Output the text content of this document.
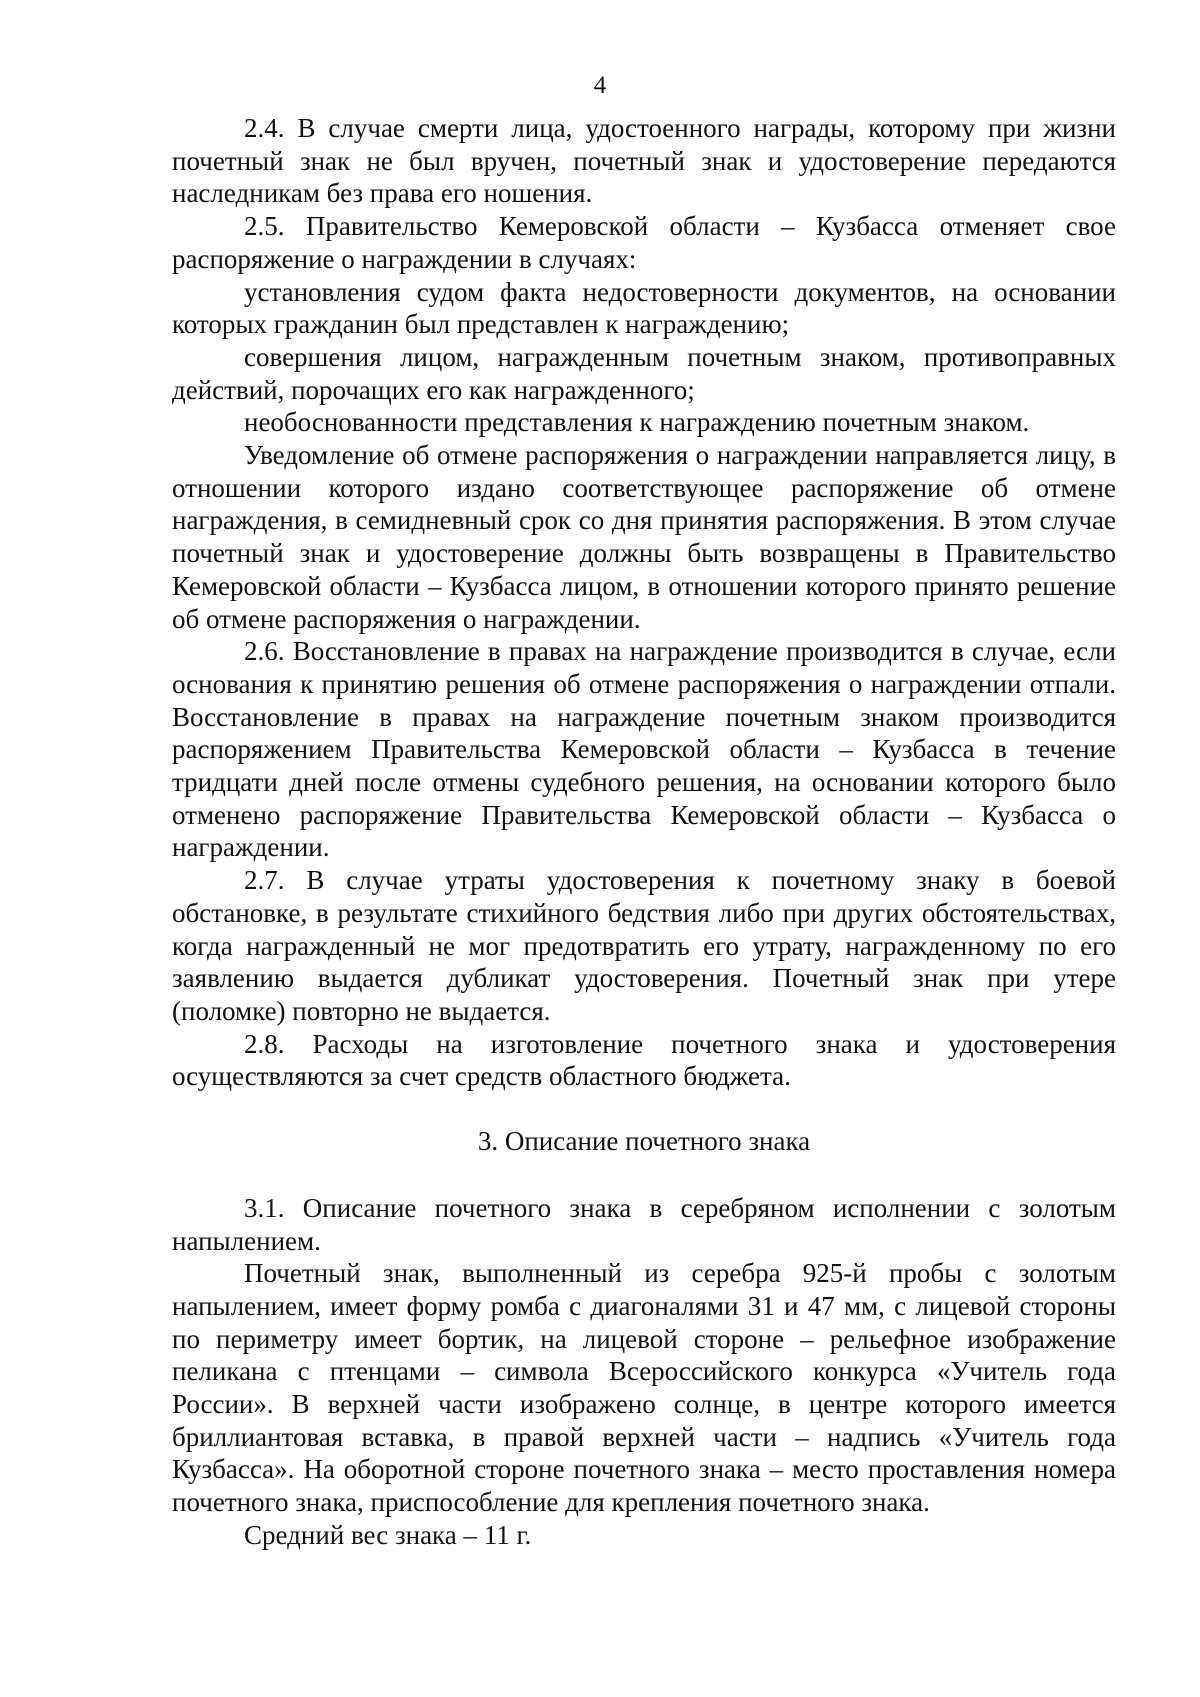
4

2.4. В случае смерти лица, удостоенного награды, которому при жизни почетный знак не был вручен, почетный знак и удостоверение передаются наследникам без права его ношения.

2.5. Правительство Кемеровской области – Кузбасса отменяет свое распоряжение о награждении в случаях:

установления судом факта недостоверности документов, на основании которых гражданин был представлен к награждению;

совершения лицом, награжденным почетным знаком, противоправных действий, порочащих его как награжденного;

необоснованности представления к награждению почетным знаком.

Уведомление об отмене распоряжения о награждении направляется лицу, в отношении которого издано соответствующее распоряжение об отмене награждения, в семидневный срок со дня принятия распоряжения. В этом случае почетный знак и удостоверение должны быть возвращены в Правительство Кемеровской области – Кузбасса лицом, в отношении которого принято решение об отмене распоряжения о награждении.

2.6. Восстановление в правах на награждение производится в случае, если основания к принятию решения об отмене распоряжения о награждении отпали. Восстановление в правах на награждение почетным знаком производится распоряжением Правительства Кемеровской области – Кузбасса в течение тридцати дней после отмены судебного решения, на основании которого было отменено распоряжение Правительства Кемеровской области – Кузбасса о награждении.

2.7. В случае утраты удостоверения к почетному знаку в боевой обстановке, в результате стихийного бедствия либо при других обстоятельствах, когда награжденный не мог предотвратить его утрату, награжденному по его заявлению выдается дубликат удостоверения. Почетный знак при утере (поломке) повторно не выдается.

2.8. Расходы на изготовление почетного знака и удостоверения осуществляются за счет средств областного бюджета.

3. Описание почетного знака

3.1. Описание почетного знака в серебряном исполнении с золотым напылением.

Почетный знак, выполненный из серебра 925-й пробы с золотым напылением, имеет форму ромба с диагоналями 31 и 47 мм, с лицевой стороны по периметру имеет бортик, на лицевой стороне – рельефное изображение пеликана с птенцами – символа Всероссийского конкурса «Учитель года России». В верхней части изображено солнце, в центре которого имеется бриллиантовая вставка, в правой верхней части – надпись «Учитель года Кузбасса». На оборотной стороне почетного знака – место проставления номера почетного знака, приспособление для крепления почетного знака.

Средний вес знака – 11 г.
